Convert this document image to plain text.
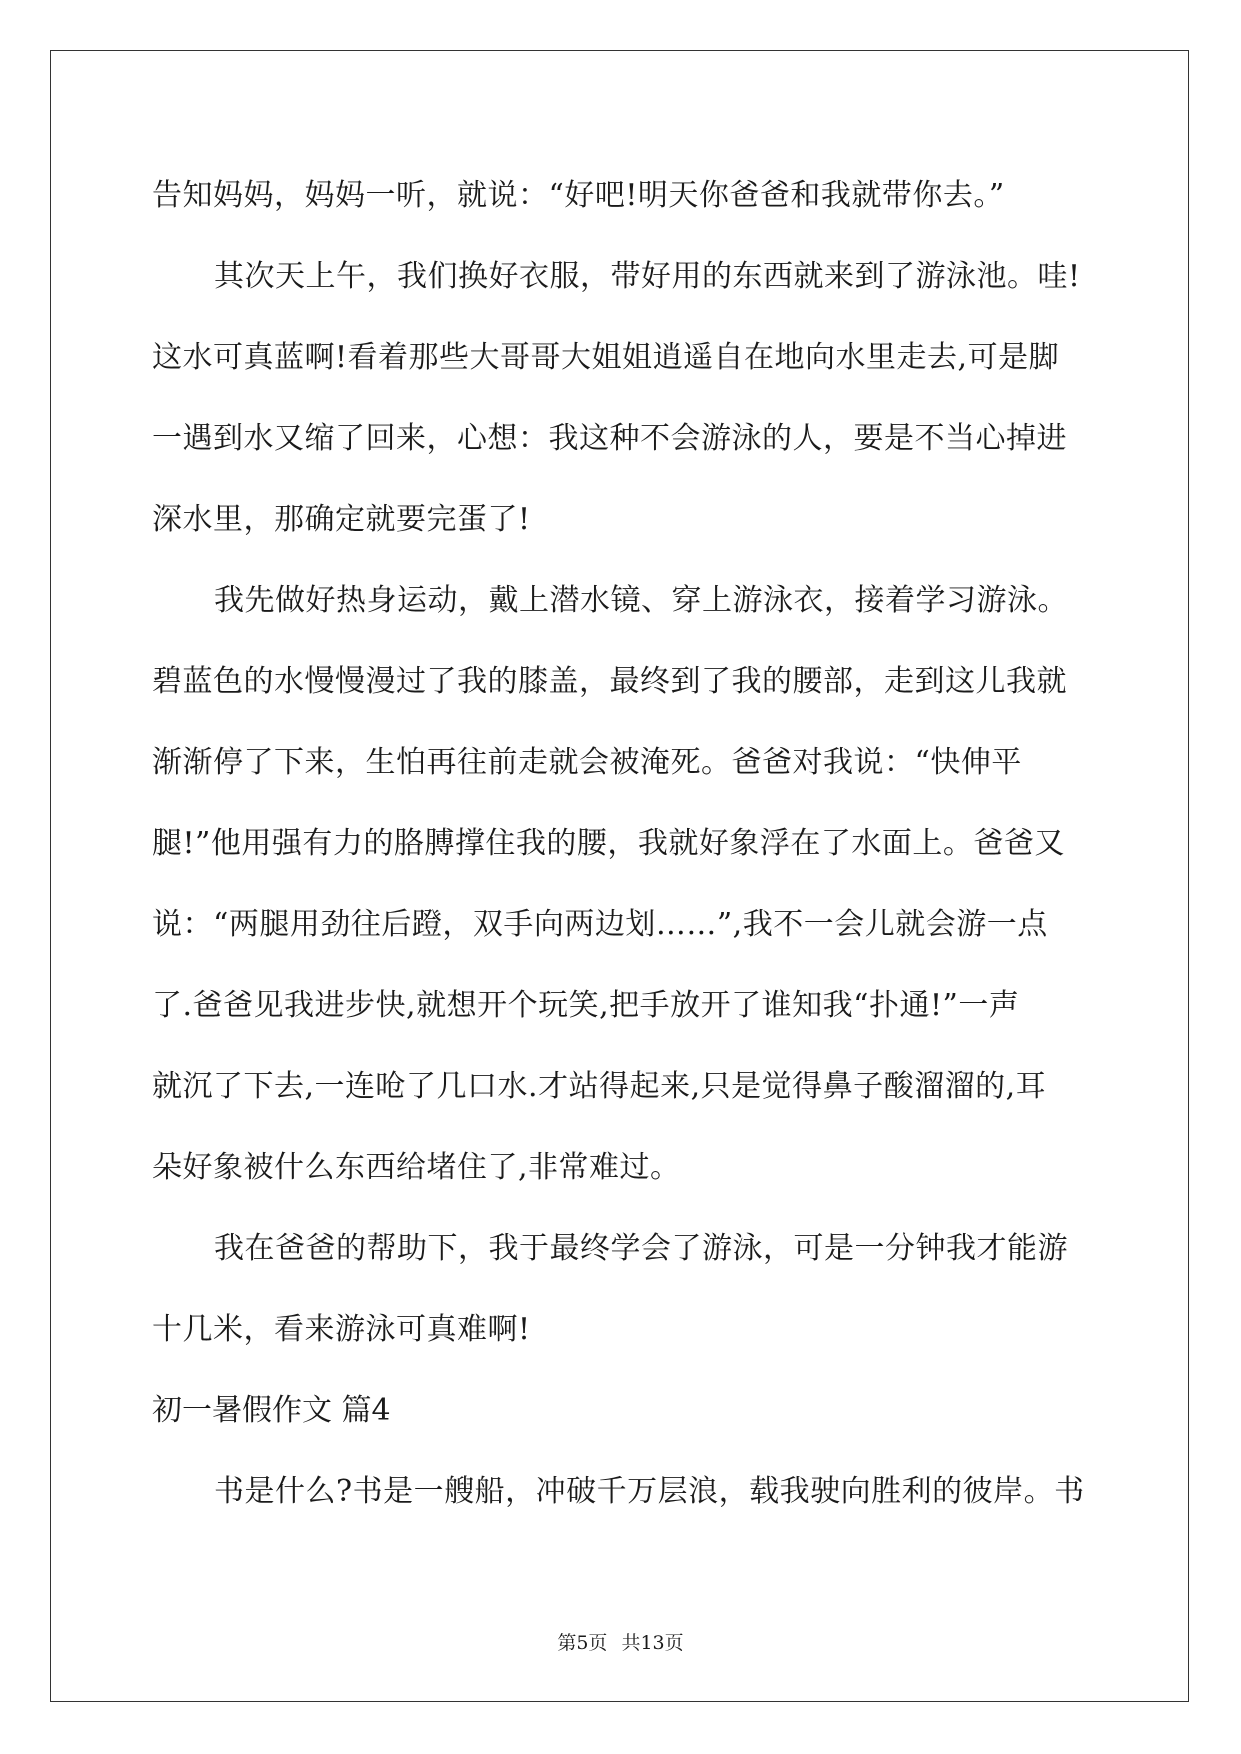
告知妈妈，妈妈一听，就说：“好吧!明天你爸爸和我就带你去。”
其次天上午，我们换好衣服，带好用的东西就来到了游泳池。哇!
这水可真蓝啊!看着那些大哥哥大姐姐逍遥自在地向水里走去,可是脚
一遇到水又缩了回来，心想：我这种不会游泳的人，要是不当心掉进
深水里，那确定就要完蛋了!
我先做好热身运动，戴上潜水镜、穿上游泳衣，接着学习游泳。
碧蓝色的水慢慢漫过了我的膝盖，最终到了我的腰部，走到这儿我就
渐渐停了下来，生怕再往前走就会被淹死。爸爸对我说：“快伸平
腿!”他用强有力的胳膊撑住我的腰，我就好象浮在了水面上。爸爸又
说：“两腿用劲往后蹬，双手向两边划……”,我不一会儿就会游一点
了.爸爸见我进步快,就想开个玩笑,把手放开了谁知我“扑通!”一声
就沉了下去,一连呛了几口水.才站得起来,只是觉得鼻子酸溜溜的,耳
朵好象被什么东西给堵住了,非常难过。
我在爸爸的帮助下，我于最终学会了游泳，可是一分钟我才能游
十几米，看来游泳可真难啊!
初一暑假作文 篇4
书是什么?书是一艘船，冲破千万层浪，载我驶向胜利的彼岸。书
第5页 共13页
